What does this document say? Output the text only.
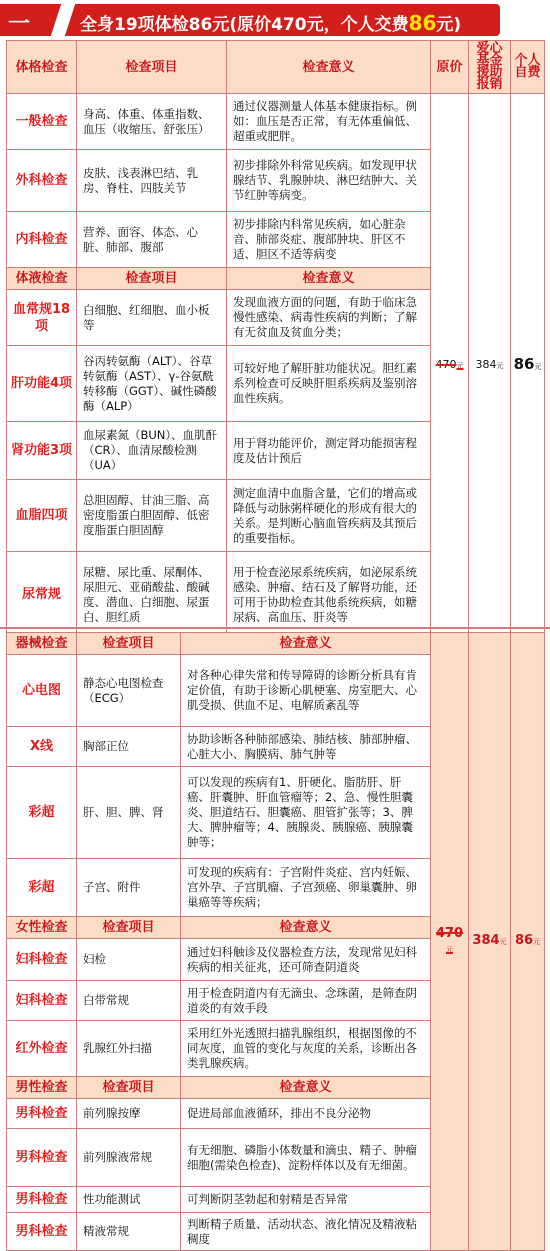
一	全身19项体检86元(原价470元，个人交费86元)
体格检查	检查项目	检查意义	原价	爱心基金援助报销	个人自费
一般检查	身高、体重、体重指数、血压（收缩压、舒张压）	通过仪器测量人体基本健康指标。例如：血压是否正常，有无体重偏低、超重或肥胖。	470元	384元	86元
外科检查	皮肤、浅表淋巴结、乳房、脊柱、四肢关节	初步排除外科常见疾病。如发现甲状腺结节、乳腺肿块、淋巴结肿大、关节红肿等病变。			
内科检查	营养、面容、体态、心脏、肺部、腹部	初步排除内科常见疾病，如心脏杂音、肺部炎症、腹部肿块、肝区不适、胆区不适等病变			
体液检查	检查项目	检查意义			
血常规18项	白细胞、红细胞、血小板等	发现血液方面的问题，有助于临床急慢性感染、病毒性疾病的判断；了解有无贫血及贫血分类；			
肝功能4项	谷丙转氨酶（ALT）、谷草转氨酶（AST）、γ-谷氨酰转移酶（GGT）、碱性磷酸酶（ALP）	可较好地了解肝脏功能状况。胆红素系列检查可反映肝胆系疾病及鉴别溶血性疾病。			
肾功能3项	血尿素氮（BUN）、血肌酐（CR）、血清尿酸检测（UA）	用于肾功能评价，测定肾功能损害程度及估计预后			
血脂四项	总胆固醇、甘油三脂、高密度脂蛋白胆固醇、低密度脂蛋白胆固醇	测定血清中血脂含量，它们的增高或降低与动脉粥样硬化的形成有很大的关系。是判断心脑血管疾病及其预后的重要指标。			
尿常规	尿糖、尿比重、尿酮体、尿胆元、亚硝酸盐、酸碱度、潜血、白细胞、尿蛋白、胆红质	用于检查泌尿系统疾病，如泌尿系统感染、肿瘤、结石及了解肾功能，还可用于协助检查其他系统疾病，如糖尿病、高血压、肝炎等			
器械检查	检查项目	检查意义	470元	384元	86元
心电图	静态心电图检查（ECG）	对各种心律失常和传导障碍的诊断分析具有肯定价值，有助于诊断心肌梗塞、房室肥大、心肌受损、供血不足、电解质紊乱等			
X线	胸部正位	协助诊断各种肺部感染、肺结核、肺部肿瘤、心脏大小、胸膜病、肺气肿等			
彩超	肝、胆、脾、肾	可以发现的疾病有1、肝硬化、脂肪肝、肝癌、肝囊肿、肝血管瘤等；2、急、慢性胆囊炎、胆道结石、胆囊癌、胆管扩张等；3、脾大、脾肿瘤等；4、胰腺炎、胰腺癌、胰腺囊肿等；			
彩超	子宫、附件	可发现的疾病有：子宫附件炎症、宫内妊娠、宫外孕、子宫肌瘤、子宫颈癌、卵巢囊肿、卵巢癌等等疾病；			
女性检查	检查项目	检查意义			
妇科检查	妇检	通过妇科触诊及仪器检查方法，发现常见妇科疾病的相关征兆，还可筛查阴道炎			
妇科检查	白带常规	用于检查阴道内有无滴虫、念珠菌，是筛查阴道炎的有效手段			
红外检查	乳腺红外扫描	采用红外光透照扫描乳腺组织，根据图像的不同灰度，血管的变化与灰度的关系，诊断出各类乳腺疾病。			
男性检查	检查项目	检查意义			
男科检查	前列腺按摩	促进局部血液循环，排出不良分泌物			
男科检查	前列腺液常规	有无细胞、磷脂小体数量和滴虫、精子、肿瘤细胞(需染色检查)、淀粉样体以及有无细菌。			
男科检查	性功能测试	可判断阴茎勃起和射精是否异常			
男科检查	精液常规	判断精子质量、活动状态、液化情况及精液粘稠度			
